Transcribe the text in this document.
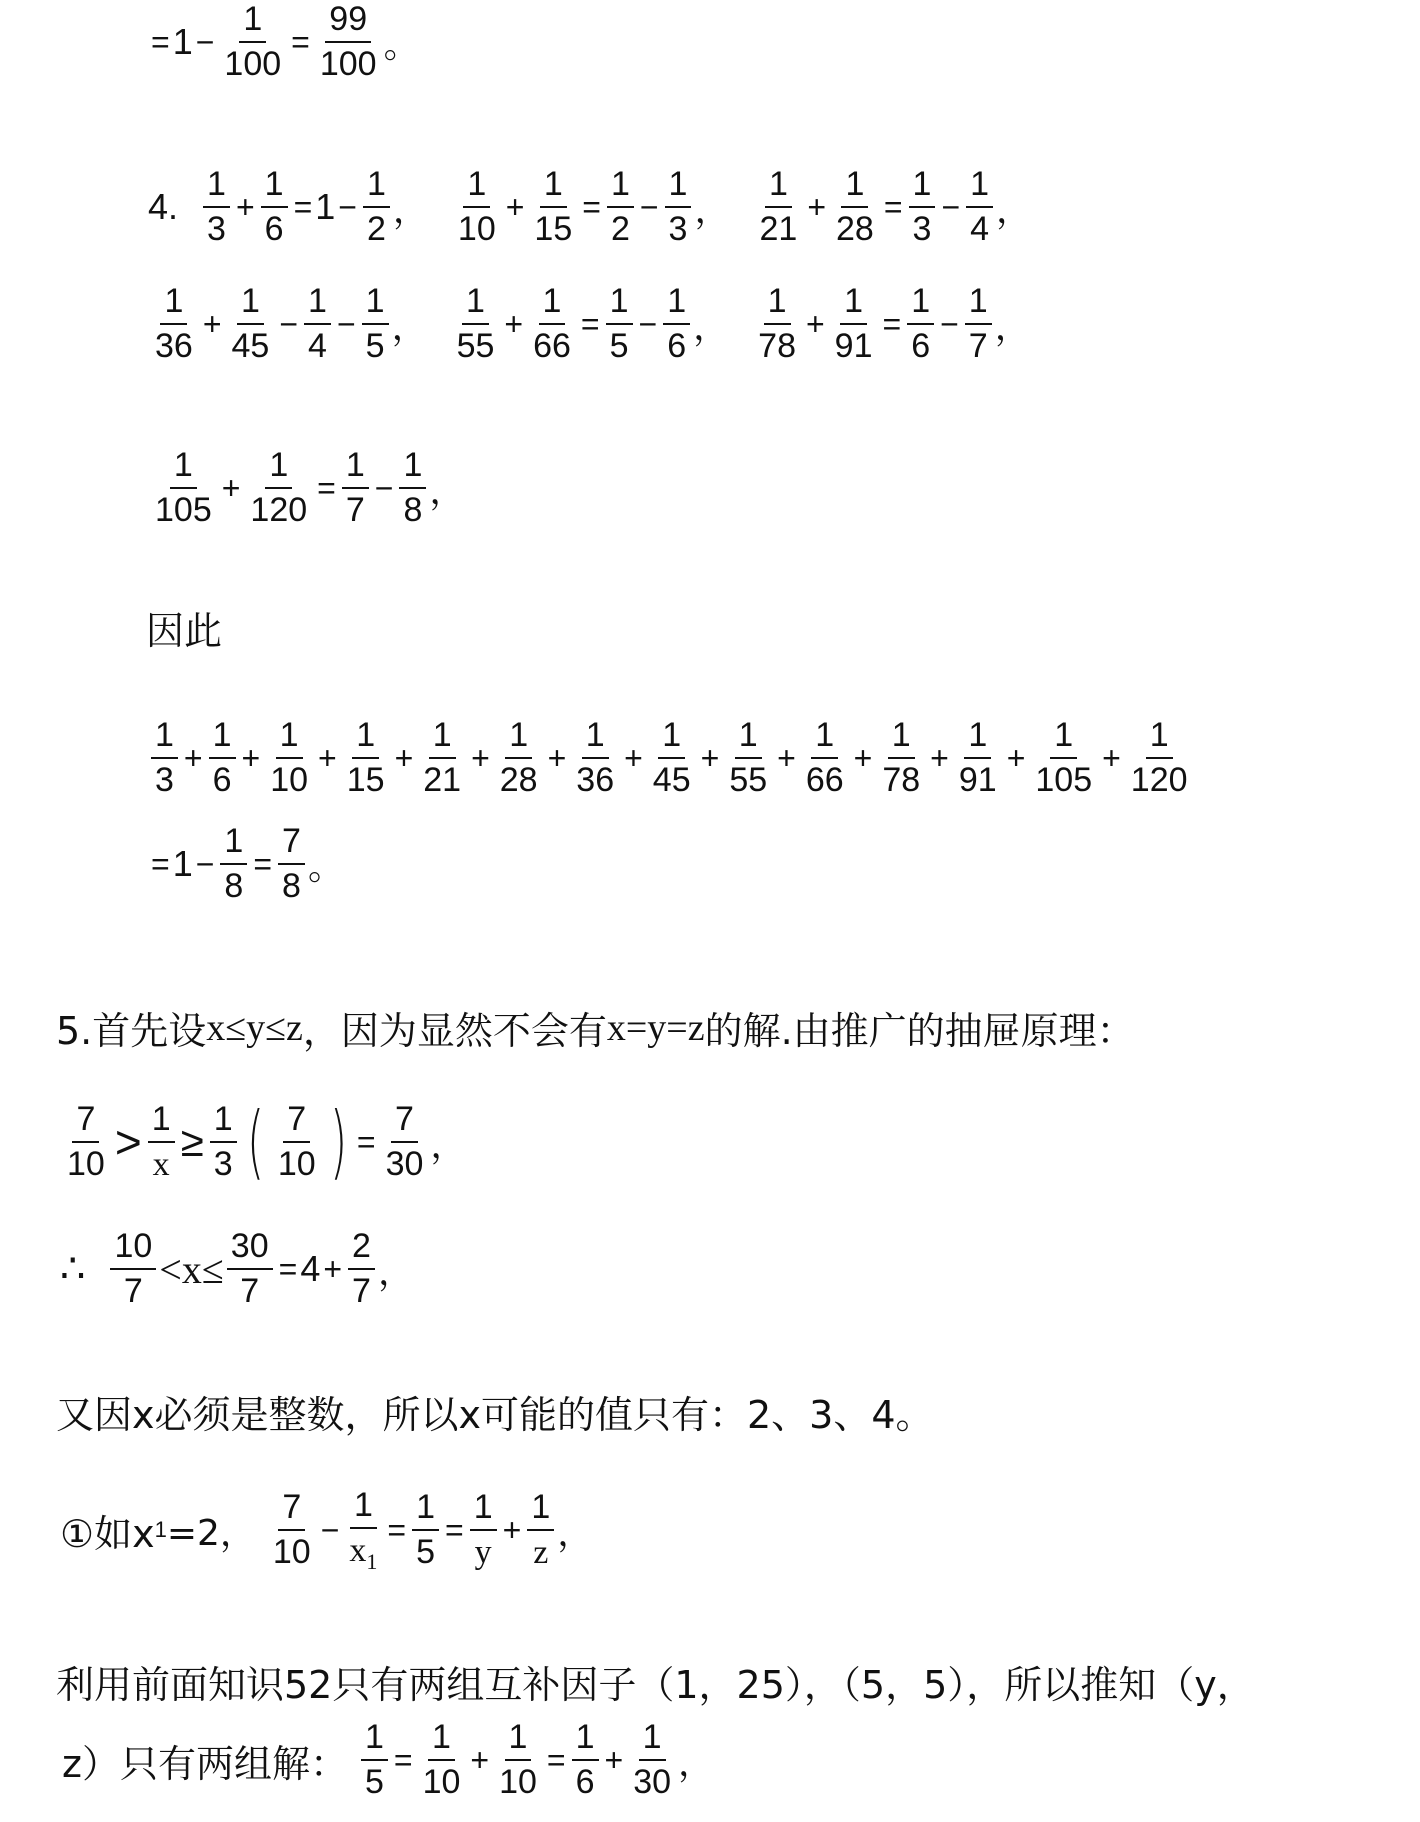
= $1 - \frac{1}{100} = \frac{99}{100}$ 。
4. $\frac{1}{3} + \frac{1}{6} = 1 - \frac{1}{2}$ ， $\frac{1}{10} + \frac{1}{15} = \frac{1}{2} - \frac{1}{3}$ ， $\frac{1}{21} + \frac{1}{28} = \frac{1}{3} - \frac{1}{4}$ ，
$\frac{1}{36} + \frac{1}{45} - \frac{1}{4} - \frac{1}{5}$ ， $\frac{1}{55} + \frac{1}{66} = \frac{1}{5} - \frac{1}{6}$ ， $\frac{1}{78} + \frac{1}{91} = \frac{1}{6} - \frac{1}{7}$ ，
$\frac{1}{105} + \frac{1}{120} = \frac{1}{7} - \frac{1}{8}$ ，
因此
$\frac{1}{3} + \frac{1}{6} + \frac{1}{10} + \frac{1}{15} + \frac{1}{21} + \frac{1}{28} + \frac{1}{36} + \frac{1}{45} + \frac{1}{55} + \frac{1}{66} + \frac{1}{78} + \frac{1}{91} + \frac{1}{105} + \frac{1}{120}$
= $1 - \frac{1}{8} = \frac{7}{8}$ 。
5.首先设 x≤y≤z ，因为显然不会有 x=y=z 的解.由推广的抽屉原理：
$\frac{7}{10} > \frac{1}{x} \ge \frac{1}{3}$ ( $\frac{7}{10}$ ) = $\frac{7}{30}$ ，
∴ $\frac{10}{7} <x\le \frac{30}{7} = 4 + \frac{2}{7}$ ，
又因x必须是整数，所以x可能的值只有：2、3、4。
①如x 1 =2， $\frac{7}{10} - \frac{1}{x_1} = \frac{1}{5} = \frac{1}{y} + \frac{1}{z}$ ，
利用前面知识52只有两组互补因子（1，25），（5，5），所以推知（y，
z）只有两组解： $\frac{1}{5} = \frac{1}{10} + \frac{1}{10} = \frac{1}{6} + \frac{1}{30}$ ，
